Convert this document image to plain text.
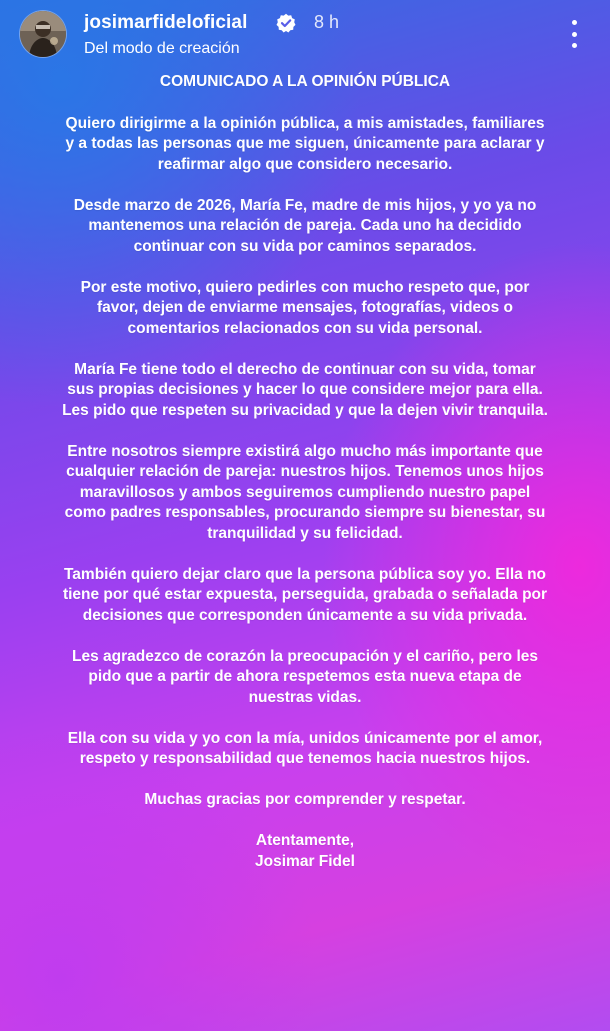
josimarfideloficial	8 h
Del modo de creación

COMUNICADO A LA OPINIÓN PÚBLICA

Quiero dirigirme a la opinión pública, a mis amistades, familiares y a todas las personas que me siguen, únicamente para aclarar y reafirmar algo que considero necesario.

Desde marzo de 2026, María Fe, madre de mis hijos, y yo ya no mantenemos una relación de pareja. Cada uno ha decidido continuar con su vida por caminos separados.

Por este motivo, quiero pedirles con mucho respeto que, por favor, dejen de enviarme mensajes, fotografías, videos o comentarios relacionados con su vida personal.

María Fe tiene todo el derecho de continuar con su vida, tomar sus propias decisiones y hacer lo que considere mejor para ella. Les pido que respeten su privacidad y que la dejen vivir tranquila.

Entre nosotros siempre existirá algo mucho más importante que cualquier relación de pareja: nuestros hijos. Tenemos unos hijos maravillosos y ambos seguiremos cumpliendo nuestro papel como padres responsables, procurando siempre su bienestar, su tranquilidad y su felicidad.

También quiero dejar claro que la persona pública soy yo. Ella no tiene por qué estar expuesta, perseguida, grabada o señalada por decisiones que corresponden únicamente a su vida privada.

Les agradezco de corazón la preocupación y el cariño, pero les pido que a partir de ahora respetemos esta nueva etapa de nuestras vidas.

Ella con su vida y yo con la mía, unidos únicamente por el amor, respeto y responsabilidad que tenemos hacia nuestros hijos.

Muchas gracias por comprender y respetar.

Atentamente,

Josimar Fidel
